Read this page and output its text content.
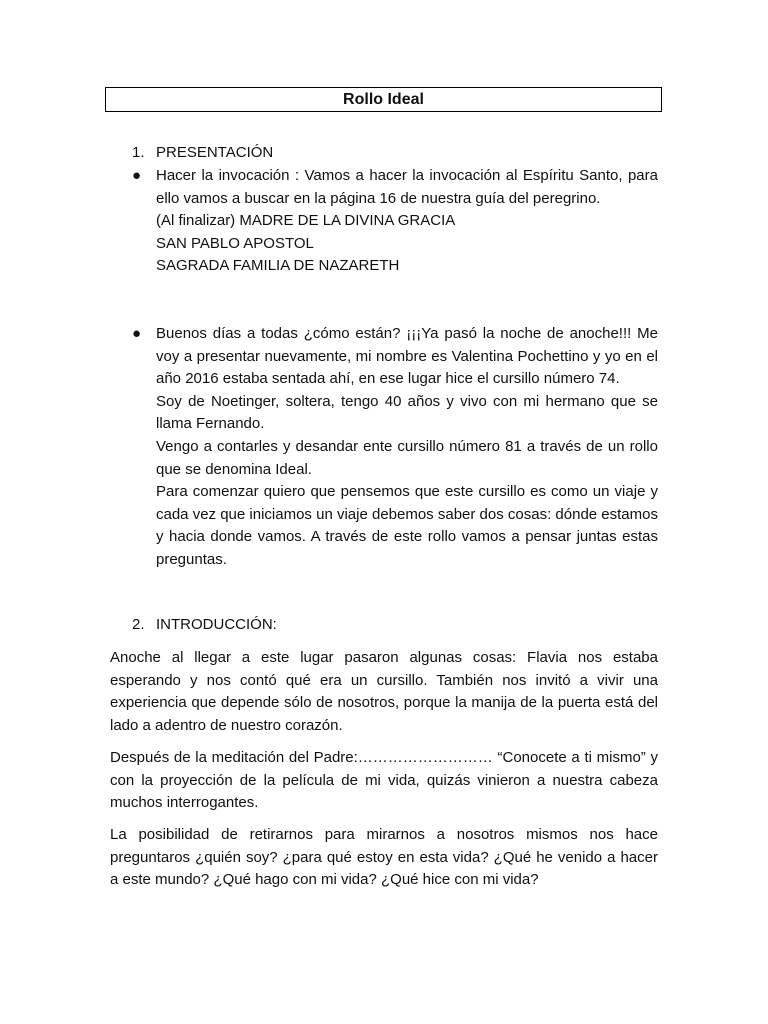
Rollo Ideal
1. PRESENTACIÓN
● Hacer la invocación : Vamos a hacer la invocación al Espíritu Santo, para ello vamos a buscar en la página 16 de nuestra guía del peregrino.

(Al finalizar) MADRE DE LA DIVINA GRACIA

SAN PABLO APOSTOL

SAGRADA FAMILIA DE NAZARETH

● Buenos días a todas ¿cómo están? ¡¡¡Ya pasó la noche de anoche!!! Me voy a presentar nuevamente, mi nombre es Valentina Pochettino y yo en el año 2016 estaba sentada ahí, en ese lugar hice el cursillo número 74.

Soy de Noetinger, soltera, tengo 40 años y vivo con mi hermano que se llama Fernando.

Vengo a contarles y desandar ente cursillo número 81 a través de un rollo que se denomina Ideal.

Para comenzar quiero que pensemos que este cursillo es como un viaje y cada vez que iniciamos un viaje debemos saber dos cosas: dónde estamos y hacia donde vamos. A través de este rollo vamos a pensar juntas estas preguntas.

2. INTRODUCCIÓN:

Anoche al llegar a este lugar pasaron algunas cosas: Flavia nos estaba esperando y nos contó qué era un cursillo. También nos invitó a vivir una experiencia que depende sólo de nosotros, porque la manija de la puerta está del lado a adentro de nuestro corazón.

Después de la meditación del Padre:……………………… “Conocete a ti mismo” y con la proyección de la película de mi vida, quizás vinieron a nuestra cabeza muchos interrogantes.

La posibilidad de retirarnos para mirarnos a nosotros mismos nos hace preguntaros ¿quién soy? ¿para qué estoy en esta vida? ¿Qué he venido a hacer a este mundo? ¿Qué hago con mi vida? ¿Qué hice con mi vida?
